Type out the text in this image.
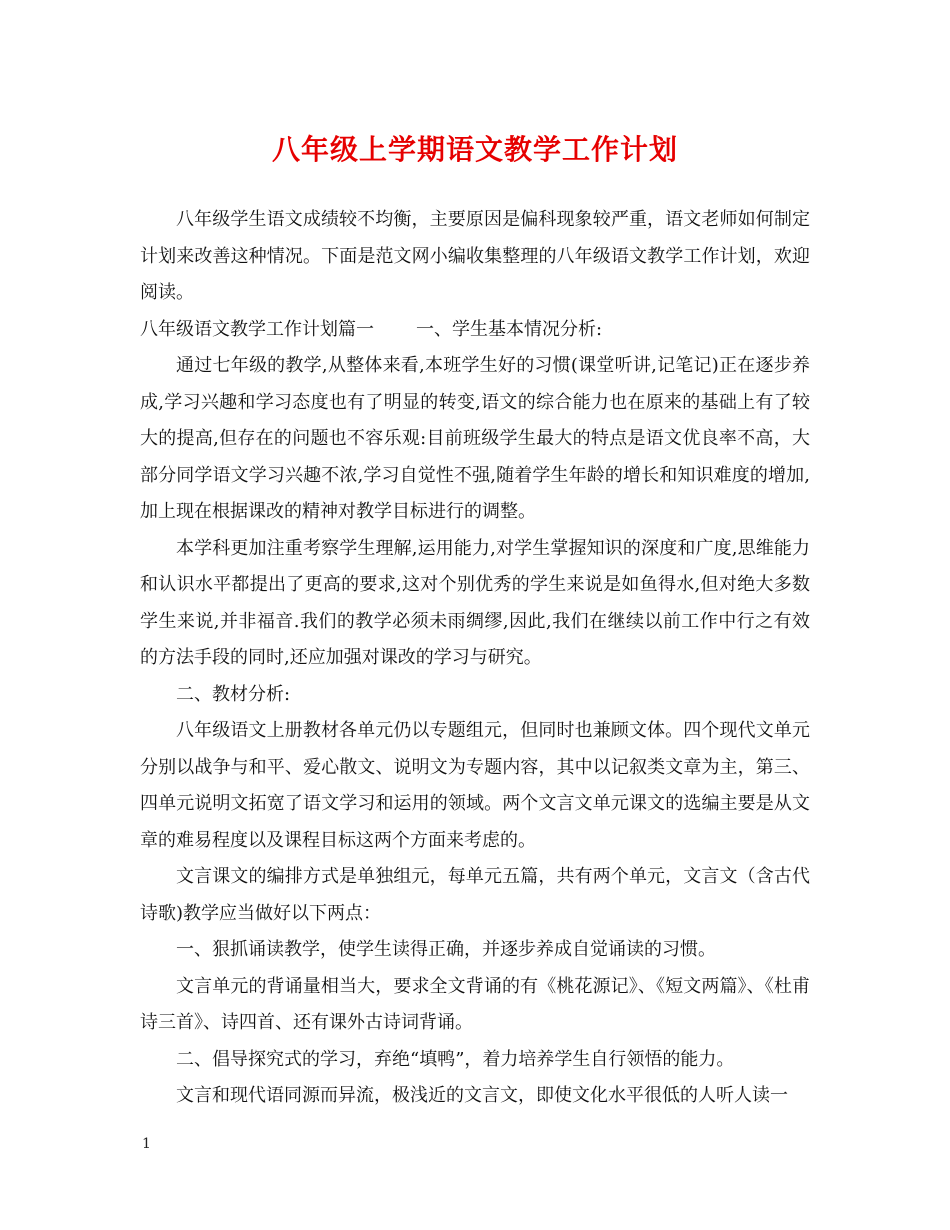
八年级上学期语文教学工作计划

八年级学生语文成绩较不均衡，主要原因是偏科现象较严重，语文老师如何制定计划来改善这种情况。下面是范文网小编收集整理的八年级语文教学工作计划，欢迎阅读。

八年级语文教学工作计划篇一 一、学生基本情况分析:

通过七年级的教学,从整体来看,本班学生好的习惯(课堂听讲,记笔记)正在逐步养成,学习兴趣和学习态度也有了明显的转变,语文的综合能力也在原来的基础上有了较大的提高,但存在的问题也不容乐观:目前班级学生最大的特点是语文优良率不高，大部分同学语文学习兴趣不浓,学习自觉性不强,随着学生年龄的增长和知识难度的增加,加上现在根据课改的精神对教学目标进行的调整。

本学科更加注重考察学生理解,运用能力,对学生掌握知识的深度和广度,思维能力和认识水平都提出了更高的要求,这对个别优秀的学生来说是如鱼得水,但对绝大多数学生来说,并非福音.我们的教学必须未雨绸缪,因此,我们在继续以前工作中行之有效的方法手段的同时,还应加强对课改的学习与研究。

二、教材分析:

八年级语文上册教材各单元仍以专题组元，但同时也兼顾文体。四个现代文单元分别以战争与和平、爱心散文、说明文为专题内容，其中以记叙类文章为主，第三、四单元说明文拓宽了语文学习和运用的领域。两个文言文单元课文的选编主要是从文章的难易程度以及课程目标这两个方面来考虑的。

文言课文的编排方式是单独组元，每单元五篇，共有两个单元，文言文（含古代诗歌)教学应当做好以下两点：

一、狠抓诵读教学，使学生读得正确，并逐步养成自觉诵读的习惯。

文言单元的背诵量相当大，要求全文背诵的有《桃花源记》、《短文两篇》、《杜甫诗三首》、诗四首、还有课外古诗词背诵。

二、倡导探究式的学习，弃绝“填鸭”，着力培养学生自行领悟的能力。

文言和现代语同源而异流，极浅近的文言文，即使文化水平很低的人听人读一

1
